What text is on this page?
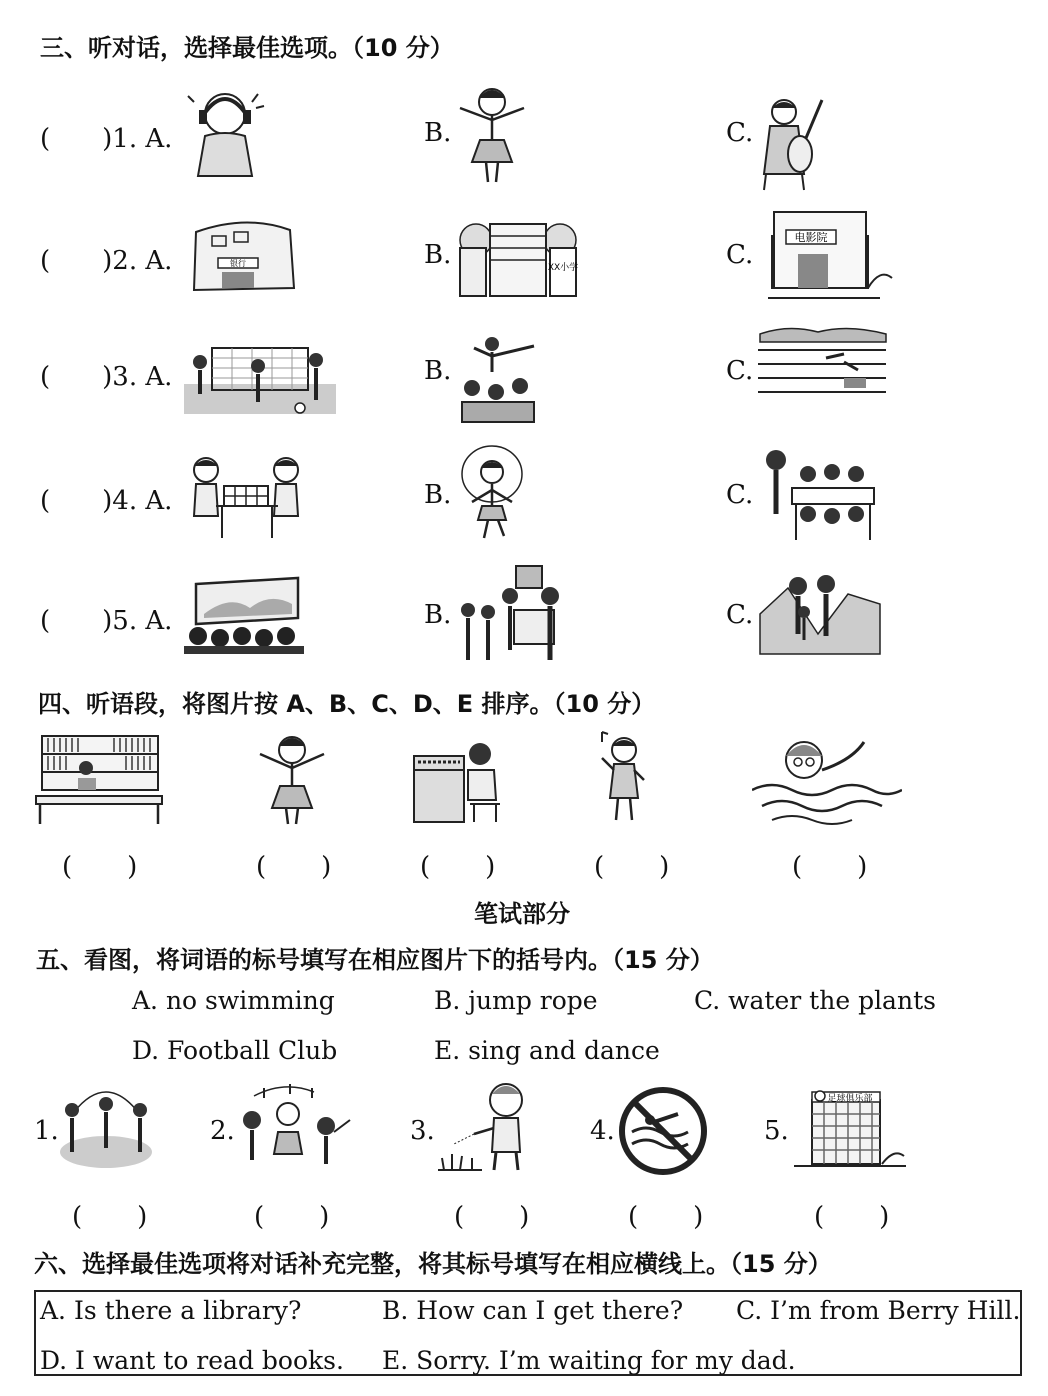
三、听对话，选择最佳选项。（10 分）
(　　)1. A.	B.	C.
(　　)2. A.	银行	B.	XX小学	C.
电影院
(　　)3. A.	B.	C.
(　　)4. A.	B.	C.
(　　)5. A.	B.	C.
四、听语段，将图片按 A、B、C、D、E 排序。（10 分）
(　　)	(　　)	(　　)	(　　)	(　　)
笔试部分
五、看图，将词语的标号填写在相应图片下的括号内。（15 分）
A. no swimming	B. jump rope	C. water the plants
D. Football Club	E. sing and dance
1.	2.	3.	4.	5.
足球俱乐部
(　　)	(　　)	(　　)	(　　)	(　　)
六、选择最佳选项将对话补充完整，将其标号填写在相应横线上。（15 分）
A. Is there a library?	B. How can I get there? C. I’m from Berry Hill.
D. I want to read books. E. Sorry. I’m waiting for my dad.
